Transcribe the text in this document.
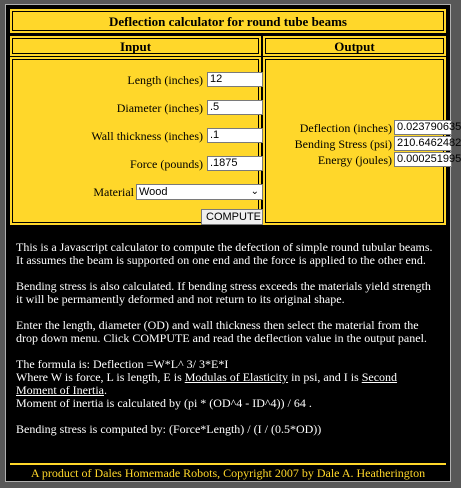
Deflection calculator for round tube beams
Input	Output
Length (inches) 12
Diameter (inches) .5
Wall thickness (inches) .1
Force (pounds) .1875
Material Wood	⌄
COMPUTE
Deflection (inches) 0.023790635
Bending Stress (psi) 210.6462482
Energy (joules) 0.000251995

This is a Javascript calculator to compute the defection of simple round tubular beams. It assumes the beam is supported on one end and the force is applied to the other end.

Bending stress is also calculated. If bending stress exceeds the materials yield strength it will be permamently deformed and not return to its original shape.

Enter the length, diameter (OD) and wall thickness then select the material from the drop down menu. Click COMPUTE and read the deflection value in the output panel.

The formula is: Deflection =W*L^ 3/ 3*E*I
Where W is force, L is length, E is Modulas of Elasticity in psi, and I is Second Moment of Inertia.
Moment of inertia is calculated by (pi * (OD^4 - ID^4)) / 64 .
Bending stress is computed by: (Force*Length) / (I / (0.5*OD))
A product of Dales Homemade Robots, Copyright 2007 by Dale A. Heatherington
